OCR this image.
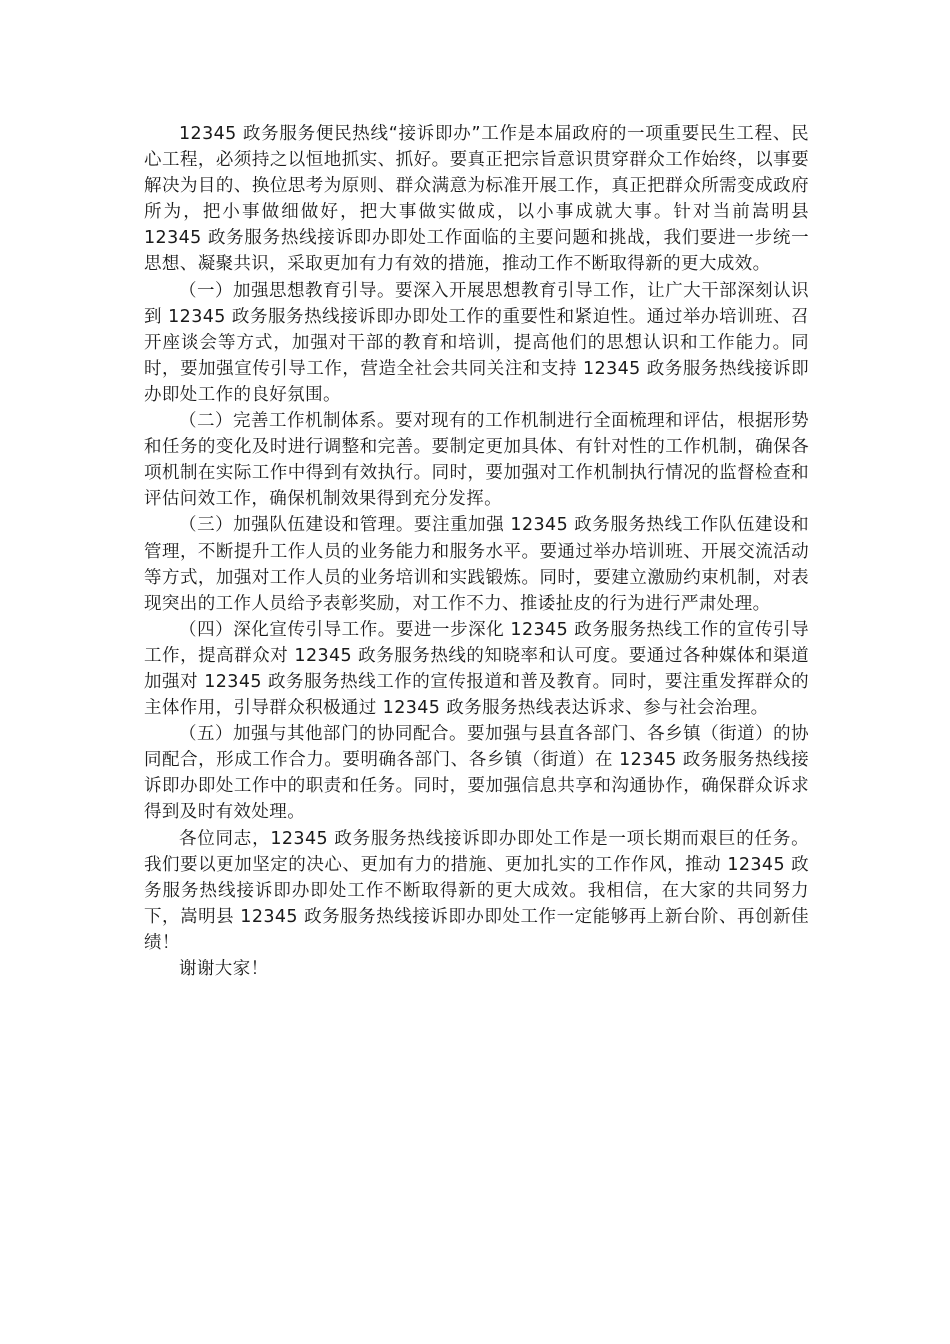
12345 政务服务便民热线“接诉即办”工作是本届政府的一项重要民生工程、民心工程，必须持之以恒地抓实、抓好。要真正把宗旨意识贯穿群众工作始终，以事要解决为目的、换位思考为原则、群众满意为标准开展工作，真正把群众所需变成政府所为，把小事做细做好，把大事做实做成，以小事成就大事。针对当前嵩明县 12345 政务服务热线接诉即办即处工作面临的主要问题和挑战，我们要进一步统一思想、凝聚共识，采取更加有力有效的措施，推动工作不断取得新的更大成效。

（一）加强思想教育引导。要深入开展思想教育引导工作，让广大干部深刻认识到 12345 政务服务热线接诉即办即处工作的重要性和紧迫性。通过举办培训班、召开座谈会等方式，加强对干部的教育和培训，提高他们的思想认识和工作能力。同时，要加强宣传引导工作，营造全社会共同关注和支持 12345 政务服务热线接诉即办即处工作的良好氛围。

（二）完善工作机制体系。要对现有的工作机制进行全面梳理和评估，根据形势和任务的变化及时进行调整和完善。要制定更加具体、有针对性的工作机制，确保各项机制在实际工作中得到有效执行。同时，要加强对工作机制执行情况的监督检查和评估问效工作，确保机制效果得到充分发挥。

（三）加强队伍建设和管理。要注重加强 12345 政务服务热线工作队伍建设和管理，不断提升工作人员的业务能力和服务水平。要通过举办培训班、开展交流活动等方式，加强对工作人员的业务培训和实践锻炼。同时，要建立激励约束机制，对表现突出的工作人员给予表彰奖励，对工作不力、推诿扯皮的行为进行严肃处理。

（四）深化宣传引导工作。要进一步深化 12345 政务服务热线工作的宣传引导工作，提高群众对 12345 政务服务热线的知晓率和认可度。要通过各种媒体和渠道加强对 12345 政务服务热线工作的宣传报道和普及教育。同时，要注重发挥群众的主体作用，引导群众积极通过 12345 政务服务热线表达诉求、参与社会治理。

（五）加强与其他部门的协同配合。要加强与县直各部门、各乡镇（街道）的协同配合，形成工作合力。要明确各部门、各乡镇（街道）在 12345 政务服务热线接诉即办即处工作中的职责和任务。同时，要加强信息共享和沟通协作，确保群众诉求得到及时有效处理。

各位同志，12345 政务服务热线接诉即办即处工作是一项长期而艰巨的任务。我们要以更加坚定的决心、更加有力的措施、更加扎实的工作作风，推动 12345 政务服务热线接诉即办即处工作不断取得新的更大成效。我相信，在大家的共同努力下，嵩明县 12345 政务服务热线接诉即办即处工作一定能够再上新台阶、再创新佳绩！

谢谢大家！
